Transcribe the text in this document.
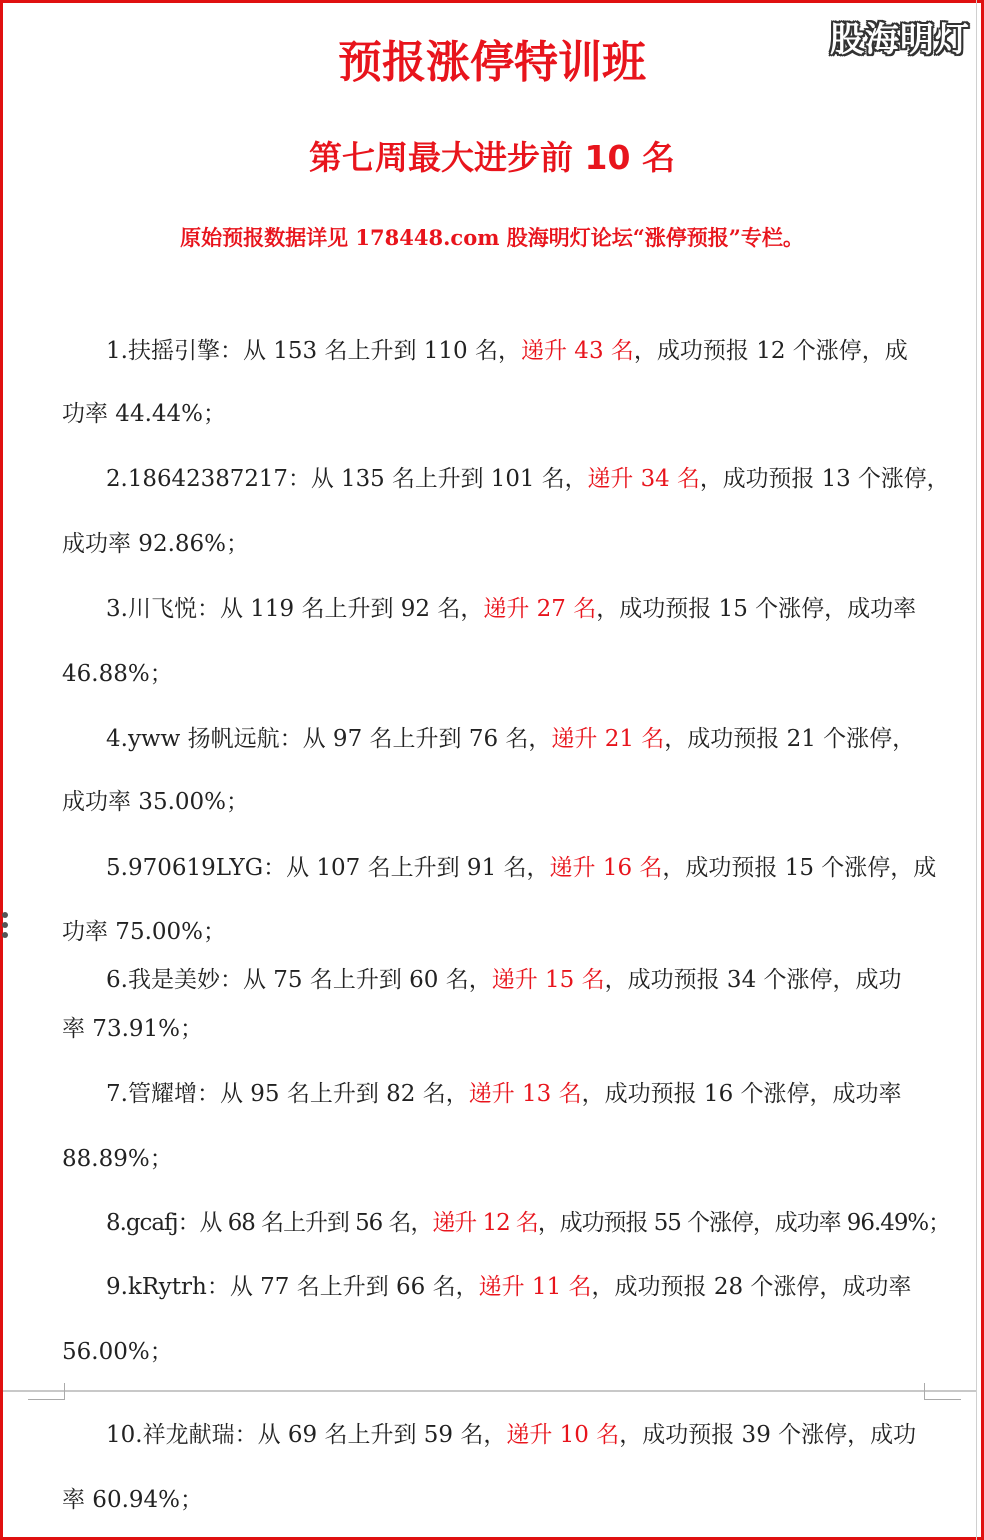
股海明灯
预报涨停特训班
第七周最大进步前 10 名
原始预报数据详见 178448.com 股海明灯论坛“涨停预报”专栏。
1.扶摇引擎：从 153 名上升到 110 名，递升 43 名，成功预报 12 个涨停，成
功率 44.44%；
2.18642387217：从 135 名上升到 101 名，递升 34 名，成功预报 13 个涨停，
成功率 92.86%；
3.川飞悦：从 119 名上升到 92 名，递升 27 名，成功预报 15 个涨停，成功率
46.88%；
4.yww 扬帆远航：从 97 名上升到 76 名，递升 21 名，成功预报 21 个涨停，
成功率 35.00%；
5.970619LYG：从 107 名上升到 91 名，递升 16 名，成功预报 15 个涨停，成
功率 75.00%；
6.我是美妙：从 75 名上升到 60 名，递升 15 名，成功预报 34 个涨停，成功
率 73.91%；
7.管耀增：从 95 名上升到 82 名，递升 13 名，成功预报 16 个涨停，成功率
88.89%；
8.gcafj：从 68 名上升到 56 名，递升 12 名，成功预报 55 个涨停，成功率 96.49%；
9.kRytrh：从 77 名上升到 66 名，递升 11 名，成功预报 28 个涨停，成功率
56.00%；
10.祥龙献瑞：从 69 名上升到 59 名，递升 10 名，成功预报 39 个涨停，成功
率 60.94%；
